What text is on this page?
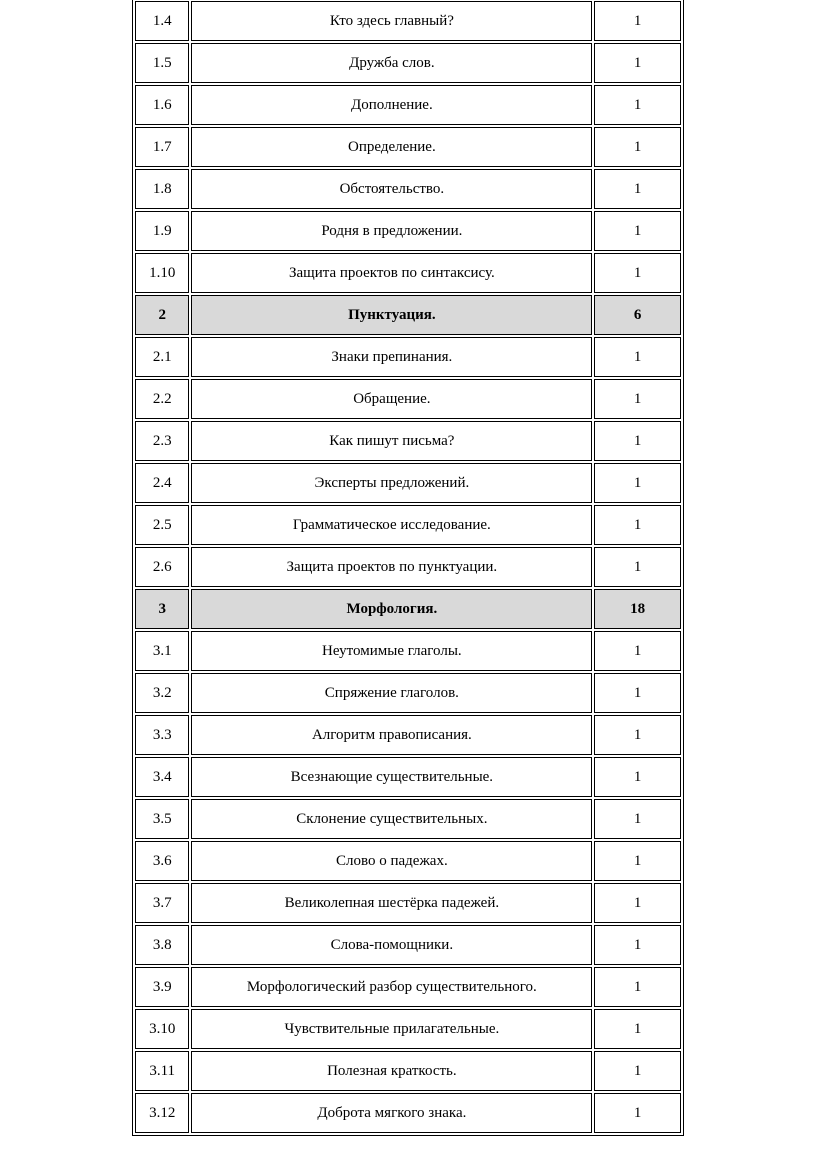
1.4	Кто здесь главный?	1
1.5	Дружба слов.	1
1.6	Дополнение.	1
1.7	Определение.	1
1.8	Обстоятельство.	1
1.9	Родня в предложении.	1
1.10	Защита проектов по синтаксису.	1
2	Пунктуация.	6
2.1	Знаки препинания.	1
2.2	Обращение.	1
2.3	Как пишут письма?	1
2.4	Эксперты предложений.	1
2.5	Грамматическое исследование.	1
2.6	Защита проектов по пунктуации.	1
3	Морфология.	18
3.1	Неутомимые глаголы.	1
3.2	Спряжение глаголов.	1
3.3	Алгоритм правописания.	1
3.4	Всезнающие существительные.	1
3.5	Склонение существительных.	1
3.6	Слово о падежах.	1
3.7	Великолепная шестёрка падежей.	1
3.8	Слова-помощники.	1
3.9	Морфологический разбор существительного.	1
3.10	Чувствительные прилагательные.	1
3.11	Полезная краткость.	1
3.12	Доброта мягкого знака.	1
